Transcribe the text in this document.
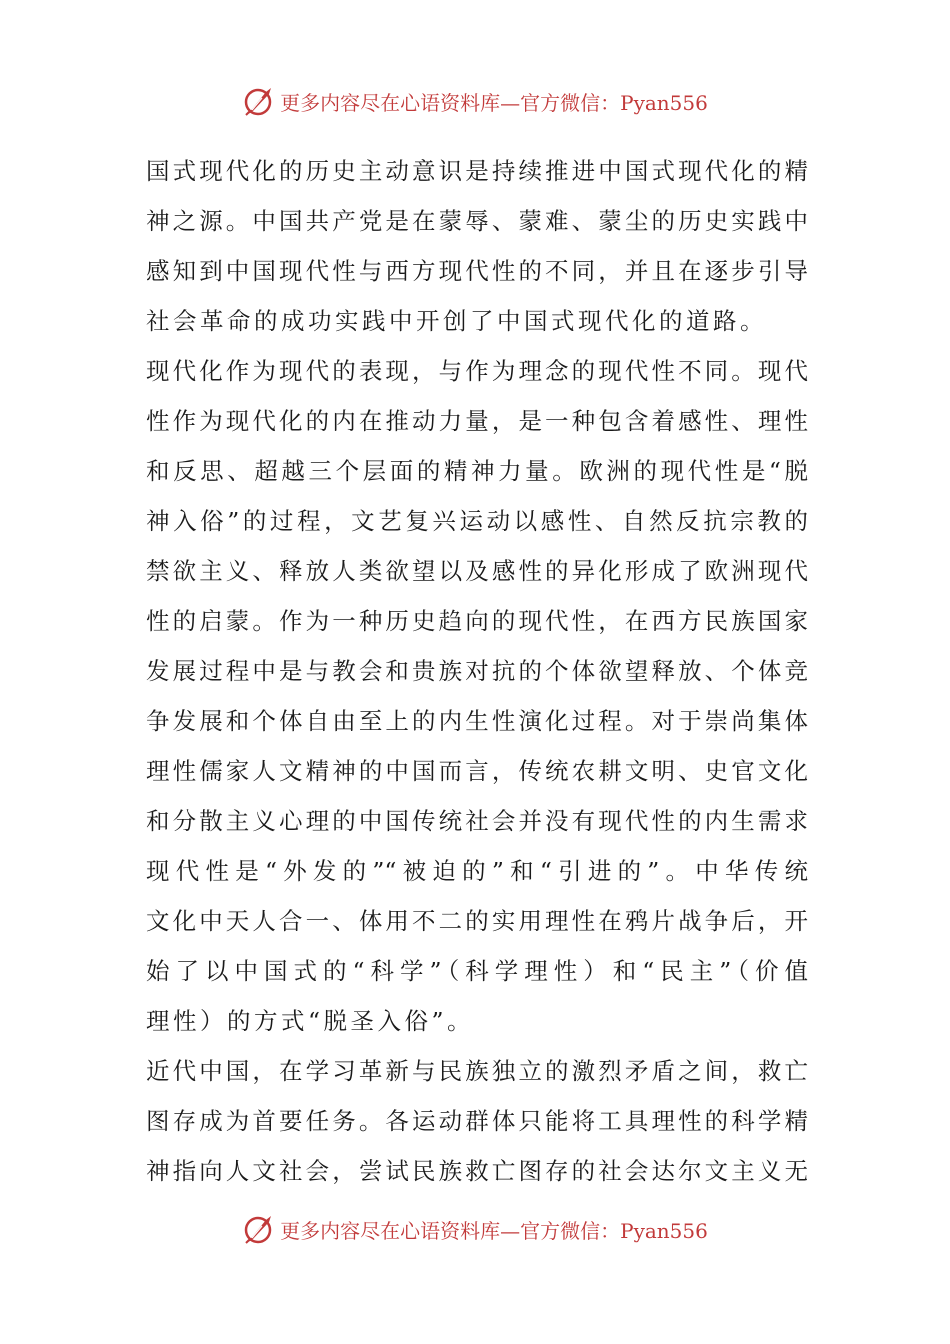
更多内容尽在心语资料库—官方微信：Pyan556
国式现代化的历史主动意识是持续推进中国式现代化的精
神之源。中国共产党是在蒙辱、蒙难、蒙尘的历史实践中
感知到中国现代性与西方现代性的不同，并且在逐步引导
社会革命的成功实践中开创了中国式现代化的道路。
现代化作为现代的表现，与作为理念的现代性不同。现代
性作为现代化的内在推动力量，是一种包含着感性、理性
和反思、超越三个层面的精神力量。欧洲的现代性是“脱
神入俗”的过程，文艺复兴运动以感性、自然反抗宗教的
禁欲主义、释放人类欲望以及感性的异化形成了欧洲现代
性的启蒙。作为一种历史趋向的现代性，在西方民族国家
发展过程中是与教会和贵族对抗的个体欲望释放、个体竞
争发展和个体自由至上的内生性演化过程。对于崇尚集体
理性儒家人文精神的中国而言，传统农耕文明、史官文化
和分散主义心理的中国传统社会并没有现代性的内生需求
现代性是“外发的”“被迫的”和“引进的”。中华传统
文化中天人合一、体用不二的实用理性在鸦片战争后，开
始了以中国式的“科学”（科学理性）和“民主”（价值
理性）的方式“脱圣入俗”。
近代中国，在学习革新与民族独立的激烈矛盾之间，救亡
图存成为首要任务。各运动群体只能将工具理性的科学精
神指向人文社会，尝试民族救亡图存的社会达尔文主义无
更多内容尽在心语资料库—官方微信：Pyan556
